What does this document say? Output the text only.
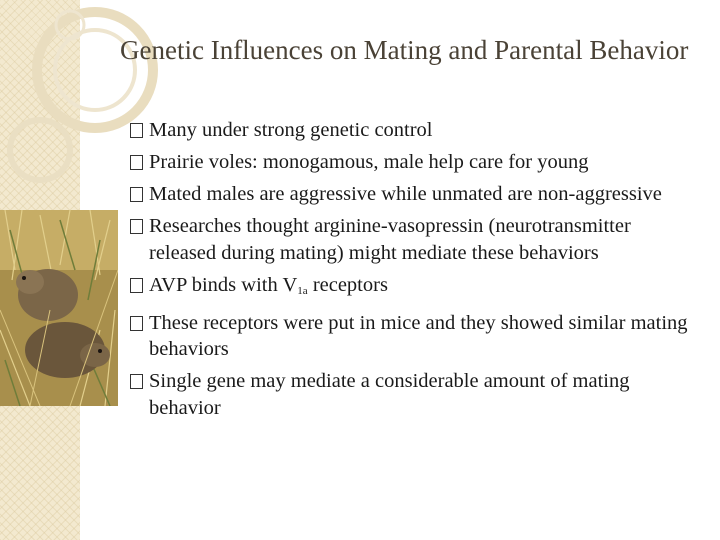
Genetic Influences on Mating and Parental Behavior
Many under strong genetic control
Prairie voles: monogamous, male help care for young
Mated males are aggressive while unmated are non-aggressive
Researches thought arginine-vasopressin (neurotransmitter released during mating) might mediate these behaviors
AVP binds with $V_{1a}$ receptors
These receptors were put in mice and they showed similar mating behaviors
Single gene may mediate a considerable amount of mating behavior
